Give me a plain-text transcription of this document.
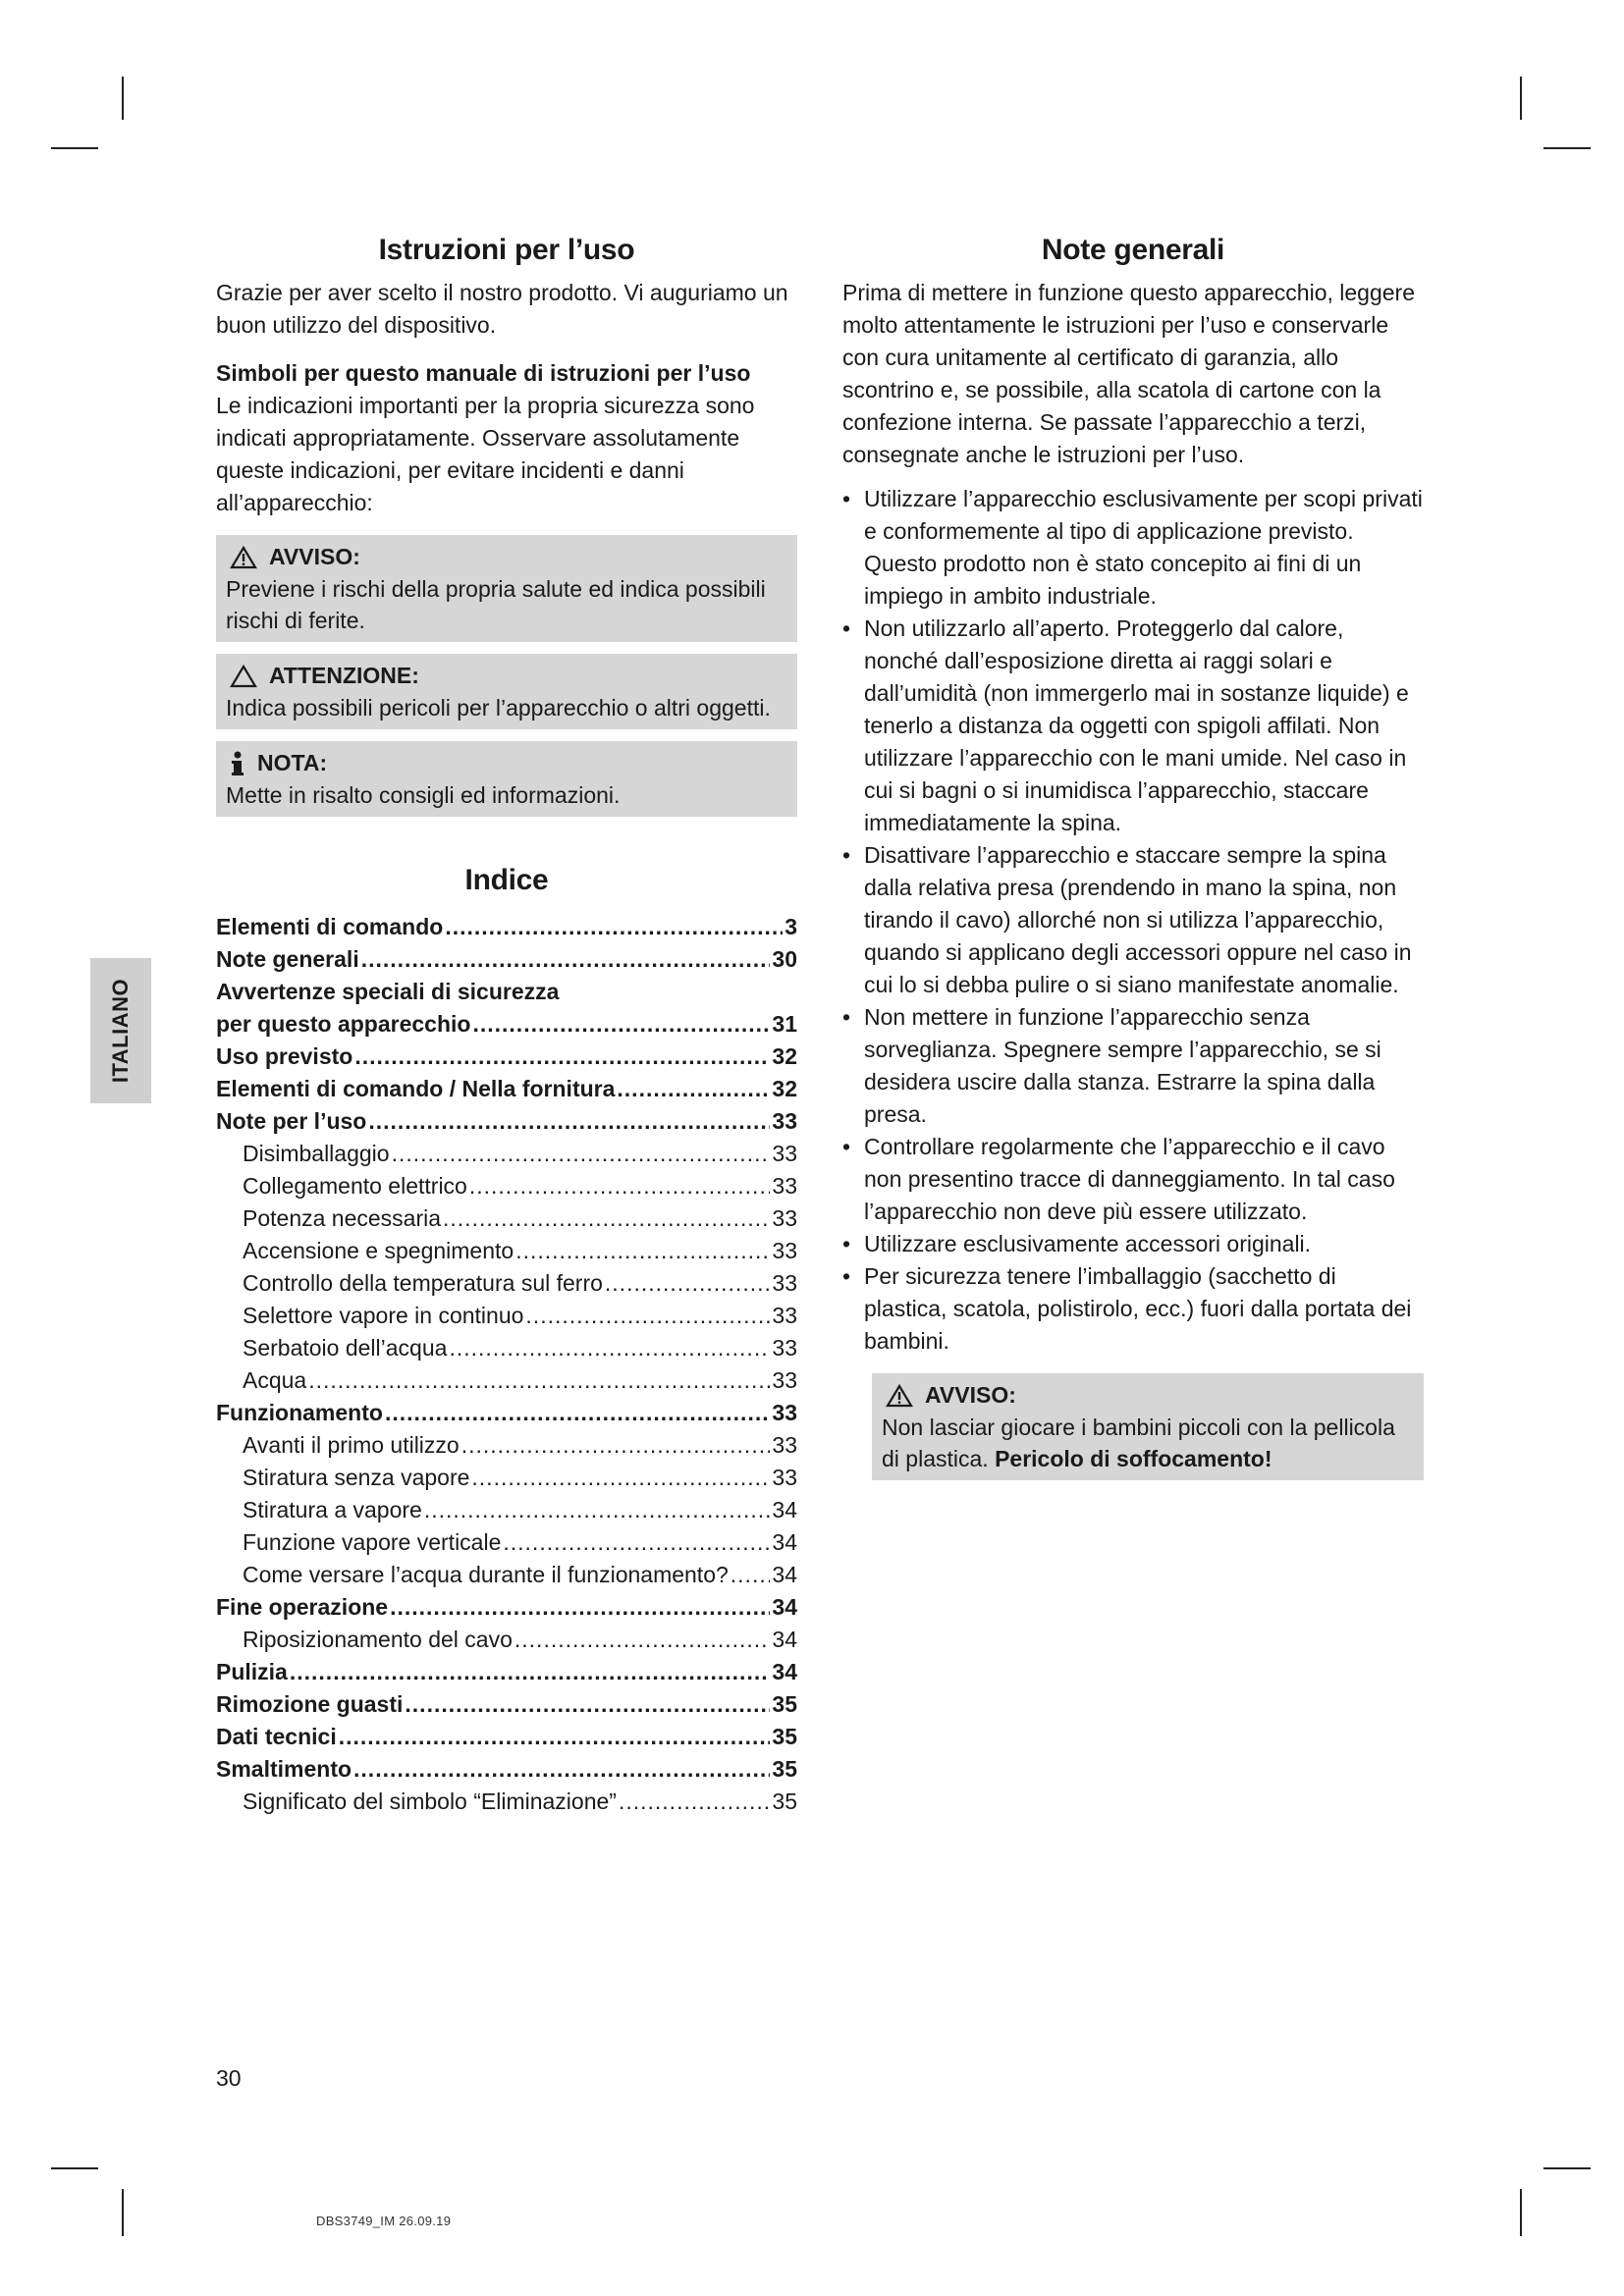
ITALIANO
Istruzioni per l’uso

Grazie per aver scelto il nostro prodotto. Vi auguriamo un buon utilizzo del dispositivo.

Simboli per questo manuale di istruzioni per l’uso

Le indicazioni importanti per la propria sicurezza sono indicati appropriatamente. Osservare assolutamente queste indicazioni, per evitare incidenti e danni all’apparecchio:

AVVISO:
Previene i rischi della propria salute ed indica possibili rischi di ferite.
ATTENZIONE:
Indica possibili pericoli per l’apparecchio o altri oggetti.
NOTA:
Mette in risalto consigli ed informazioni.
Indice
Elementi di comando .....	3
Note generali .....	30
Avvertenze speciali di sicurezza
per questo apparecchio .....	31
Uso previsto .....	32
Elementi di comando / Nella fornitura .....	32
Note per l’uso .....	33
Disimballaggio .....	33
Collegamento elettrico .....	33
Potenza necessaria .....	33
Accensione e spegnimento .....	33
Controllo della temperatura sul ferro .....	33
Selettore vapore in continuo .....	33
Serbatoio dell’acqua .....	33
Acqua .....	33
Funzionamento .....	33
Avanti il primo utilizzo .....	33
Stiratura senza vapore .....	33
Stiratura a vapore .....	34
Funzione vapore verticale .....	34
Come versare l’acqua durante il funzionamento? ..... 34
Fine operazione .....	34
Riposizionamento del cavo .....	34
Pulizia .....	34
Rimozione guasti .....	35
Dati tecnici .....	35
Smaltimento .....	35
Significato del simbolo “Eliminazione” .....	35
Note generali

Prima di mettere in funzione questo apparecchio, leggere molto attentamente le istruzioni per l’uso e conservarle con cura unitamente al certificato di garanzia, allo scontrino e, se possibile, alla scatola di cartone con la confezione interna. Se passate l’apparecchio a terzi, consegnate anche le istruzioni per l’uso.

• Utilizzare l’apparecchio esclusivamente per scopi privati e conformemente al tipo di applicazione previsto. Questo prodotto non è stato concepito ai fini di un impiego in ambito industriale.
• Non utilizzarlo all’aperto. Proteggerlo dal calore, nonché dall’esposizione diretta ai raggi solari e dall’umidità (non immergerlo mai in sostanze liquide) e tenerlo a distanza da oggetti con spigoli affilati. Non utilizzare l’apparecchio con le mani umide. Nel caso in cui si bagni o si inumidisca l’apparecchio, staccare immediatamente la spina.
• Disattivare l’apparecchio e staccare sempre la spina dalla relativa presa (prendendo in mano la spina, non tirando il cavo) allorché non si utilizza l’apparecchio, quando si applicano degli accessori oppure nel caso in cui lo si debba pulire o si siano manifestate anomalie.
• Non mettere in funzione l’apparecchio senza sorveglianza. Spegnere sempre l’apparecchio, se si desidera uscire dalla stanza. Estrarre la spina dalla presa.
• Controllare regolarmente che l’apparecchio e il cavo non presentino tracce di danneggiamento. In tal caso l’apparecchio non deve più essere utilizzato.
• Utilizzare esclusivamente accessori originali.
• Per sicurezza tenere l’imballaggio (sacchetto di plastica, scatola, polistirolo, ecc.) fuori dalla portata dei bambini.
AVVISO:
Non lasciar giocare i bambini piccoli con la pellicola di plastica. Pericolo di soffocamento!
30
DBS3749_IM 26.09.19
